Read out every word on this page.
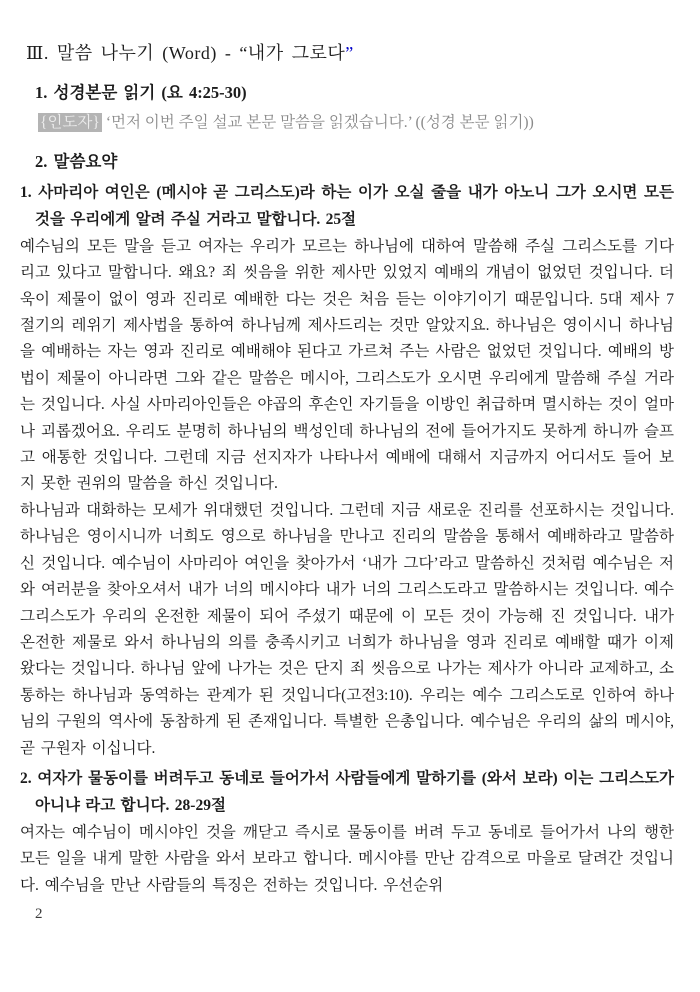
Ⅲ. 말씀 나누기 (Word) - “내가 그로다”
1. 성경본문 읽기 (요 4:25-30)
{인도자} ‘먼저 이번 주일 설교 본문 말씀을 읽겠습니다.’ ((성경 본문 읽기))
2. 말씀요약
1. 사마리아 여인은 (메시야 곧 그리스도)라 하는 이가 오실 줄을 내가 아노니 그가 오시면 모든 것을 우리에게 알려 주실 거라고 말합니다. 25절
예수님의 모든 말을 듣고 여자는 우리가 모르는 하나님에 대하여 말씀해 주실 그리스도를 기다리고 있다고 말합니다. 왜요? 죄 씻음을 위한 제사만 있었지 예배의 개념이 없었던 것입니다. 더욱이 제물이 없이 영과 진리로 예배한 다는 것은 처음 듣는 이야기이기 때문입니다. 5대 제사 7절기의 레위기 제사법을 통하여 하나님께 제사드리는 것만 알았지요. 하나님은 영이시니 하나님을 예배하는 자는 영과 진리로 예배해야 된다고 가르쳐 주는 사람은 없었던 것입니다. 예배의 방법이 제물이 아니라면 그와 같은 말씀은 메시아, 그리스도가 오시면 우리에게 말씀해 주실 거라는 것입니다. 사실 사마리아인들은 야곱의 후손인 자기들을 이방인 취급하며 멸시하는 것이 얼마나 괴롭겠어요. 우리도 분명히 하나님의 백성인데 하나님의 전에 들어가지도 못하게 하니까 슬프고 애통한 것입니다. 그런데 지금 선지자가 나타나서 예배에 대해서 지금까지 어디서도 들어 보지 못한 권위의 말씀을 하신 것입니다.
하나님과 대화하는 모세가 위대했던 것입니다. 그런데 지금 새로운 진리를 선포하시는 것입니다. 하나님은 영이시니까 너희도 영으로 하나님을 만나고 진리의 말씀을 통해서 예배하라고 말씀하신 것입니다. 예수님이 사마리아 여인을 찾아가서 ‘내가 그다’라고 말씀하신 것처럼 예수님은 저와 여러분을 찾아오셔서 내가 너의 메시야다 내가 너의 그리스도라고 말씀하시는 것입니다. 예수 그리스도가 우리의 온전한 제물이 되어 주셨기 때문에 이 모든 것이 가능해 진 것입니다. 내가 온전한 제물로 와서 하나님의 의를 충족시키고 너희가 하나님을 영과 진리로 예배할 때가 이제 왔다는 것입니다. 하나님 앞에 나가는 것은 단지 죄 씻음으로 나가는 제사가 아니라 교제하고, 소통하는 하나님과 동역하는 관계가 된 것입니다(고전3:10). 우리는 예수 그리스도로 인하여 하나님의 구원의 역사에 동참하게 된 존재입니다. 특별한 은총입니다. 예수님은 우리의 삶의 메시야, 곧 구원자 이십니다.
2. 여자가 물동이를 버려두고 동네로 들어가서 사람들에게 말하기를 (와서 보라) 이는 그리스도가 아니냐 라고 합니다. 28-29절
여자는 예수님이 메시야인 것을 깨닫고 즉시로 물동이를 버려 두고 동네로 들어가서 나의 행한 모든 일을 내게 말한 사람을 와서 보라고 합니다. 메시야를 만난 감격으로 마을로 달려간 것입니다. 예수님을 만난 사람들의 특징은 전하는 것입니다. 우선순위
2
